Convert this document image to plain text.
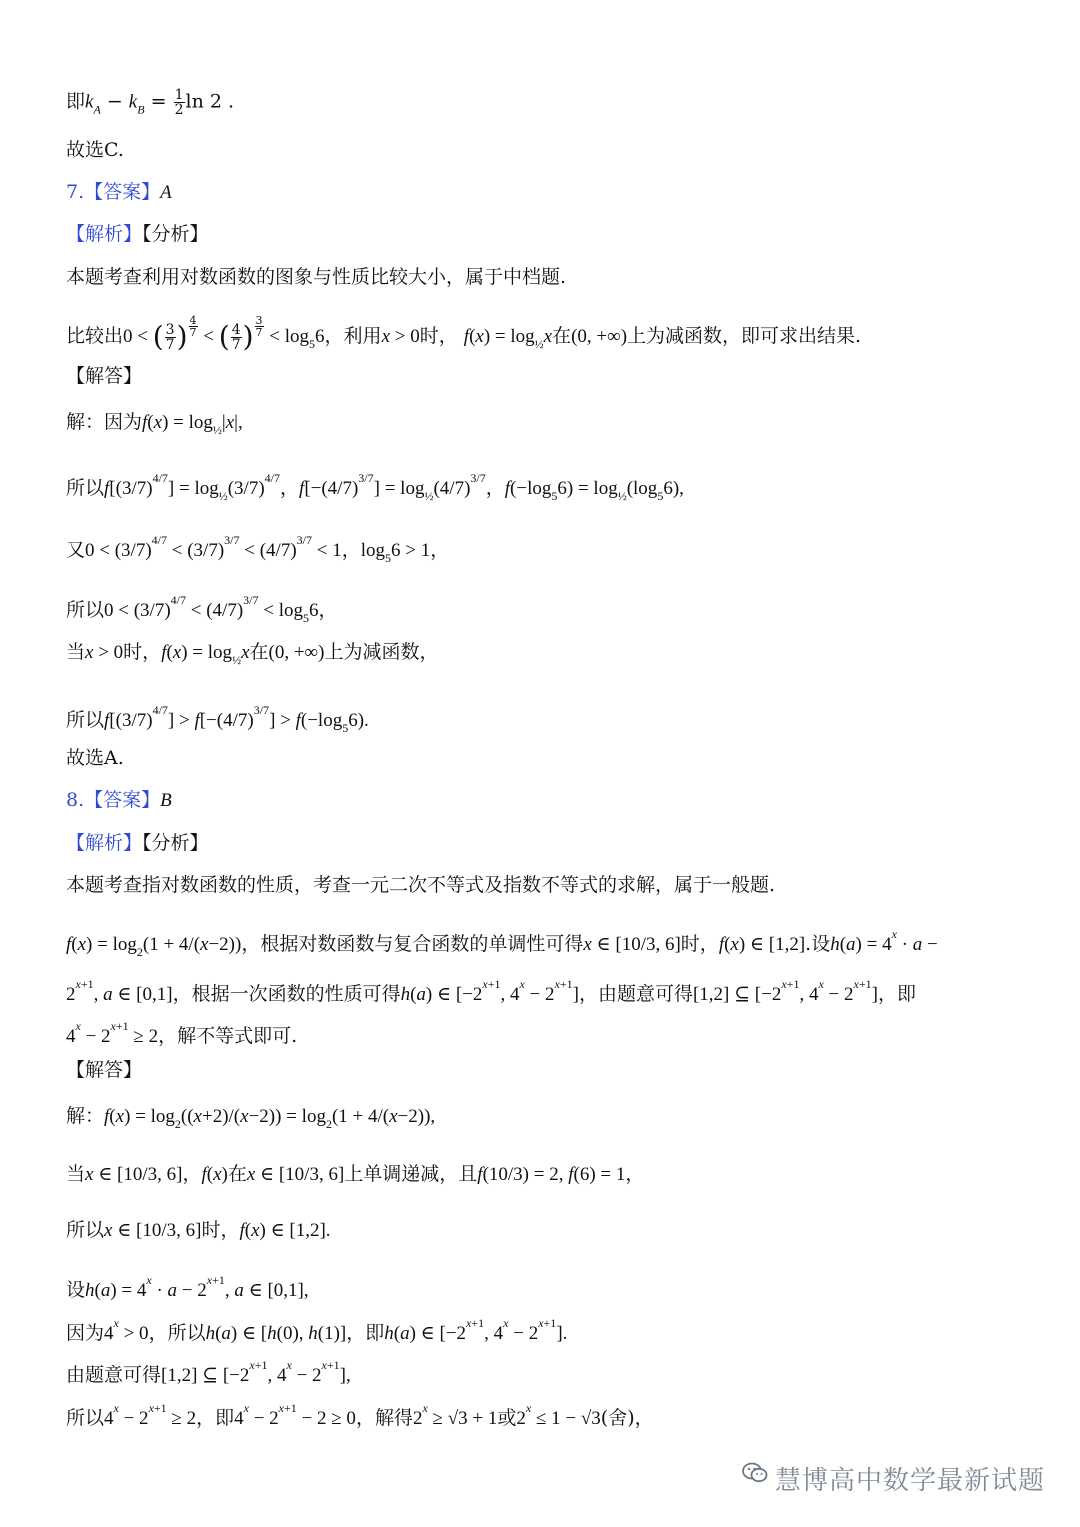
即$k_A - k_B = \frac{1}{2}$ ln 2 .
故选C.
7.【答案】A
【解析】【分析】
本题考查利用对数函数的图象与性质比较大小，属于中档题.
比较出0 < ( $\frac{3}{7}$ ) $^{\frac{4}{7}}$ < ( $\frac{4}{7}$ ) $^{\frac{3}{7}} < \log_56$，利用x > 0时， $f(x) = \log_{\frac{1}{2}}x$在(0, +∞)上为减函数，即可求出结果.
【解答】
解：因为$f(x) = \log_{\frac{1}{2}}|x|$,
所以$f[(3/7)^{4/7}] = \log_{\frac{1}{2}}(3/7)^{4/7}$，$f[-(4/7)^{3/7}] = \log_{\frac{1}{2}}(4/7)^{3/7}$，$f(-\log_56) = \log_{\frac{1}{2}}(\log_56)$,
又$0 < (3/7)^{4/7} < (3/7)^{3/7} < (4/7)^{3/7} < 1$，$\log_56 > 1$，
所以$0 < (3/7)^{4/7} < (4/7)^{3/7} < \log_56$，
当x > 0时，$f(x) = \log_{\frac{1}{2}}x$在(0, +∞)上为减函数，
所以$f[(3/7)^{4/7}] > f[-(4/7)^{3/7}] > f(-\log_56)$.
故选A.
8.【答案】B
【解析】【分析】
本题考查指对数函数的性质，考查一元二次不等式及指数不等式的求解，属于一般题.
$f(x) = \log_2(1 + 4/(x-2))$，根据对数函数与复合函数的单调性可得x ∈ [10/3, 6]时，f(x) ∈ [1,2].设$h(a) = 4^x \cdot a$ −
$2^{x+1}$, a ∈ [0,1]，根据一次函数的性质可得h(a) ∈ [$-2^{x+1}$, $4^x - 2^{x+1}$]，由题意可得[1,2] ⊆ [$-2^{x+1}$, $4^x - 2^{x+1}$]，即
$4^x - 2^{x+1} \ge 2$，解不等式即可.
【解答】
解：$f(x) = \log_2((x+2)/(x-2)) = \log_2(1 + 4/(x-2))$,
当x ∈ [10/3, 6]，f(x)在x ∈ [10/3, 6]上单调递减，且f(10/3) = 2, f(6) = 1，
所以x ∈ [10/3, 6]时，f(x) ∈ [1,2].
设$h(a) = 4^x \cdot a - 2^{x+1}$, a ∈ [0,1],
因为$4^x > 0$，所以h(a) ∈ [h(0), h(1)]，即h(a) ∈ [$-2^{x+1}$, $4^x - 2^{x+1}$].
由题意可得[1,2] ⊆ [$-2^{x+1}$, $4^x - 2^{x+1}$],
所以$4^x - 2^{x+1} \ge 2$，即$4^x - 2^{x+1} - 2 \ge 0$，解得$2^x \ge √3 + 1$或$2^x \le 1 - √3$(舍)，
慧博高中数学最新试题
